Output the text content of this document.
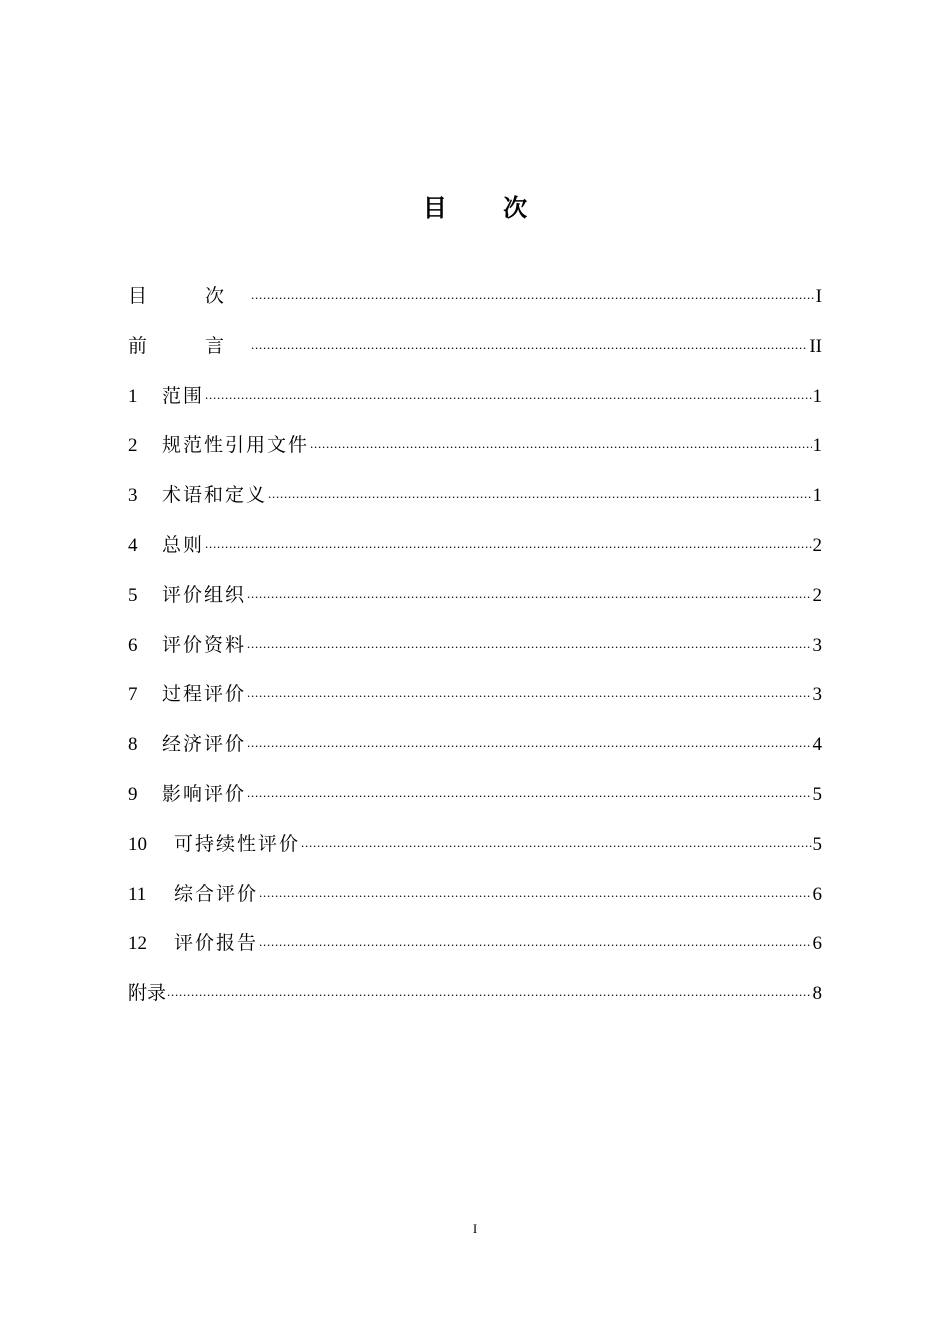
目 次
目 次 . . .	I
前 言 . . .	II
1	范围 . . .	1
2	规范性引用文件 . . .	1
3	术语和定义 . . .	1
4	总则 . . .	2
5	评价组织 . . .	2
6	评价资料 . . .	3
7	过程评价 . . .	3
8	经济评价 . . .	4
9	影响评价 . . .	5
10	可持续性评价 . . .	5
11	综合评价 . . .	6
12	评价报告 . . .	6
附录 . . .	8
I
